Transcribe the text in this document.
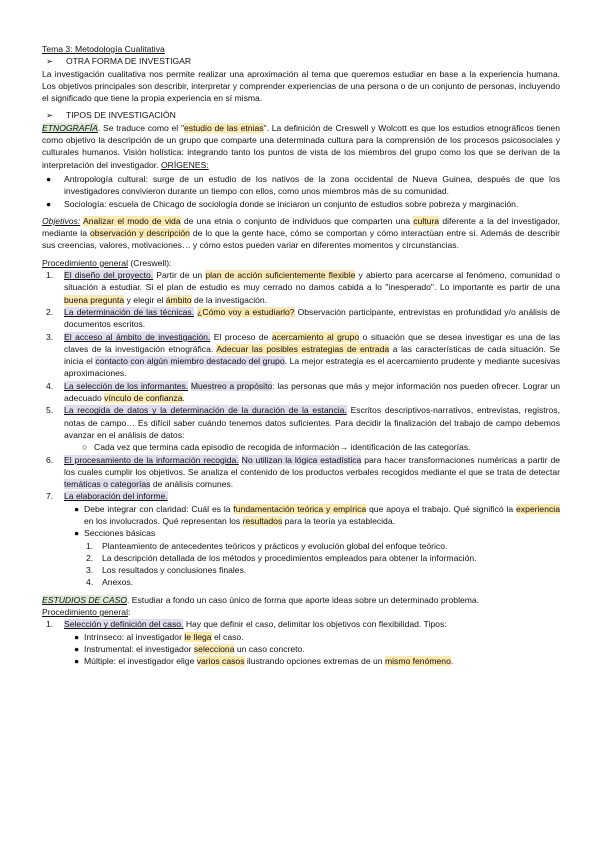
Tema 3: Metodología Cualitativa

➢ OTRA FORMA DE INVESTIGAR

La investigación cualitativa nos permite realizar una aproximación al tema que queremos estudiar en base a la experiencia humana. Los objetivos principales son describir, interpretar y comprender experiencias de una persona o de un conjunto de personas, incluyendo el significado que tiene la propia experiencia en sí misma.

➢ TIPOS DE INVESTIGACIÓN

ETNOGRAFÍA. Se traduce como el "estudio de las etnias". La definición de Creswell y Wolcott es que los estudios etnográficos tienen como objetivo la descripción de un grupo que comparte una determinada cultura para la comprensión de los procesos psicosociales y culturales humanos. Visión holística: integrando tanto los puntos de vista de los miembros del grupo como los que se derivan de la interpretación del investigador. ORÍGENES:

● Antropología cultural: surge de un estudio de los nativos de la zona occidental de Nueva Guinea, después de que los investigadores convivieron durante un tiempo con ellos, como unos miembros más de su comunidad.
● Sociología: escuela de Chicago de sociología donde se iniciaron un conjunto de estudios sobre pobreza y marginación.

Objetivos: Analizar el modo de vida de una etnia o conjunto de individuos que comparten una cultura diferente a la del investigador, mediante la observación y descripción de lo que la gente hace, cómo se comportan y cómo interactúan entre sí. Además de describir sus creencias, valores, motivaciones… y cómo estos pueden variar en diferentes momentos y circunstancias.

Procedimiento general (Creswell):

1. El diseño del proyecto. Partir de un plan de acción suficientemente flexible y abierto para acercarse al fenómeno, comunidad o situación a estudiar. Si el plan de estudio es muy cerrado no damos cabida a lo "inesperado". Lo importante es partir de una buena pregunta y elegir el ámbito de la investigación.
2. La determinación de las técnicas. ¿Cómo voy a estudiarlo? Observación participante, entrevistas en profundidad y/o análisis de documentos escritos.
3. El acceso al ámbito de investigación. El proceso de acercamiento al grupo o situación que se desea investigar es una de las claves de la investigación etnográfica. Adecuar las posibles estrategias de entrada a las características de cada situación. Se inicia el contacto con algún miembro destacado del grupo. La mejor estrategia es el acercamiento prudente y mediante sucesivas aproximaciones.
4. La selección de los informantes. Muestreo a propósito: las personas que más y mejor información nos pueden ofrecer. Lograr un adecuado vínculo de confianza.
5. La recogida de datos y la determinación de la duración de la estancia. Escritos descriptivos-narrativos, entrevistas, registros, notas de campo… Es difícil saber cuándo tenemos datos suficientes. Para decidir la finalización del trabajo de campo debemos avanzar en el análisis de datos:
○ Cada vez que termina cada episodio de recogida de información→ identificación de las categorías.
6. El procesamiento de la información recogida. No utilizan la lógica estadística para hacer transformaciones numéricas a partir de los cuales cumplir los objetivos. Se analiza el contenido de los productos verbales recogidos mediante el que se trata de detectar temáticas o categorías de análisis comunes.
7. La elaboración del informe.
● Debe integrar con claridad: Cuál es la fundamentación teórica y empírica que apoya el trabajo. Qué significó la experiencia en los involucrados. Qué representan los resultados para la teoría ya establecida.
● Secciones básicas
1. Planteamiento de antecedentes teóricos y prácticos y evolución global del enfoque teórico.
2. La descripción detallada de los métodos y procedimientos empleados para obtener la información.
3. Los resultados y conclusiones finales.
4. Anexos.

ESTUDIOS DE CASO. Estudiar a fondo un caso único de forma que aporte ideas sobre un determinado problema.

Procedimiento general:

1. Selección y definición del caso. Hay que definir el caso, delimitar los objetivos con flexibilidad. Tipos:
● Intrínseco: al investigador le llega el caso.
● Instrumental: el investigador selecciona un caso concreto.
● Múltiple: el investigador elige varios casos ilustrando opciones extremas de un mismo fenómeno.
